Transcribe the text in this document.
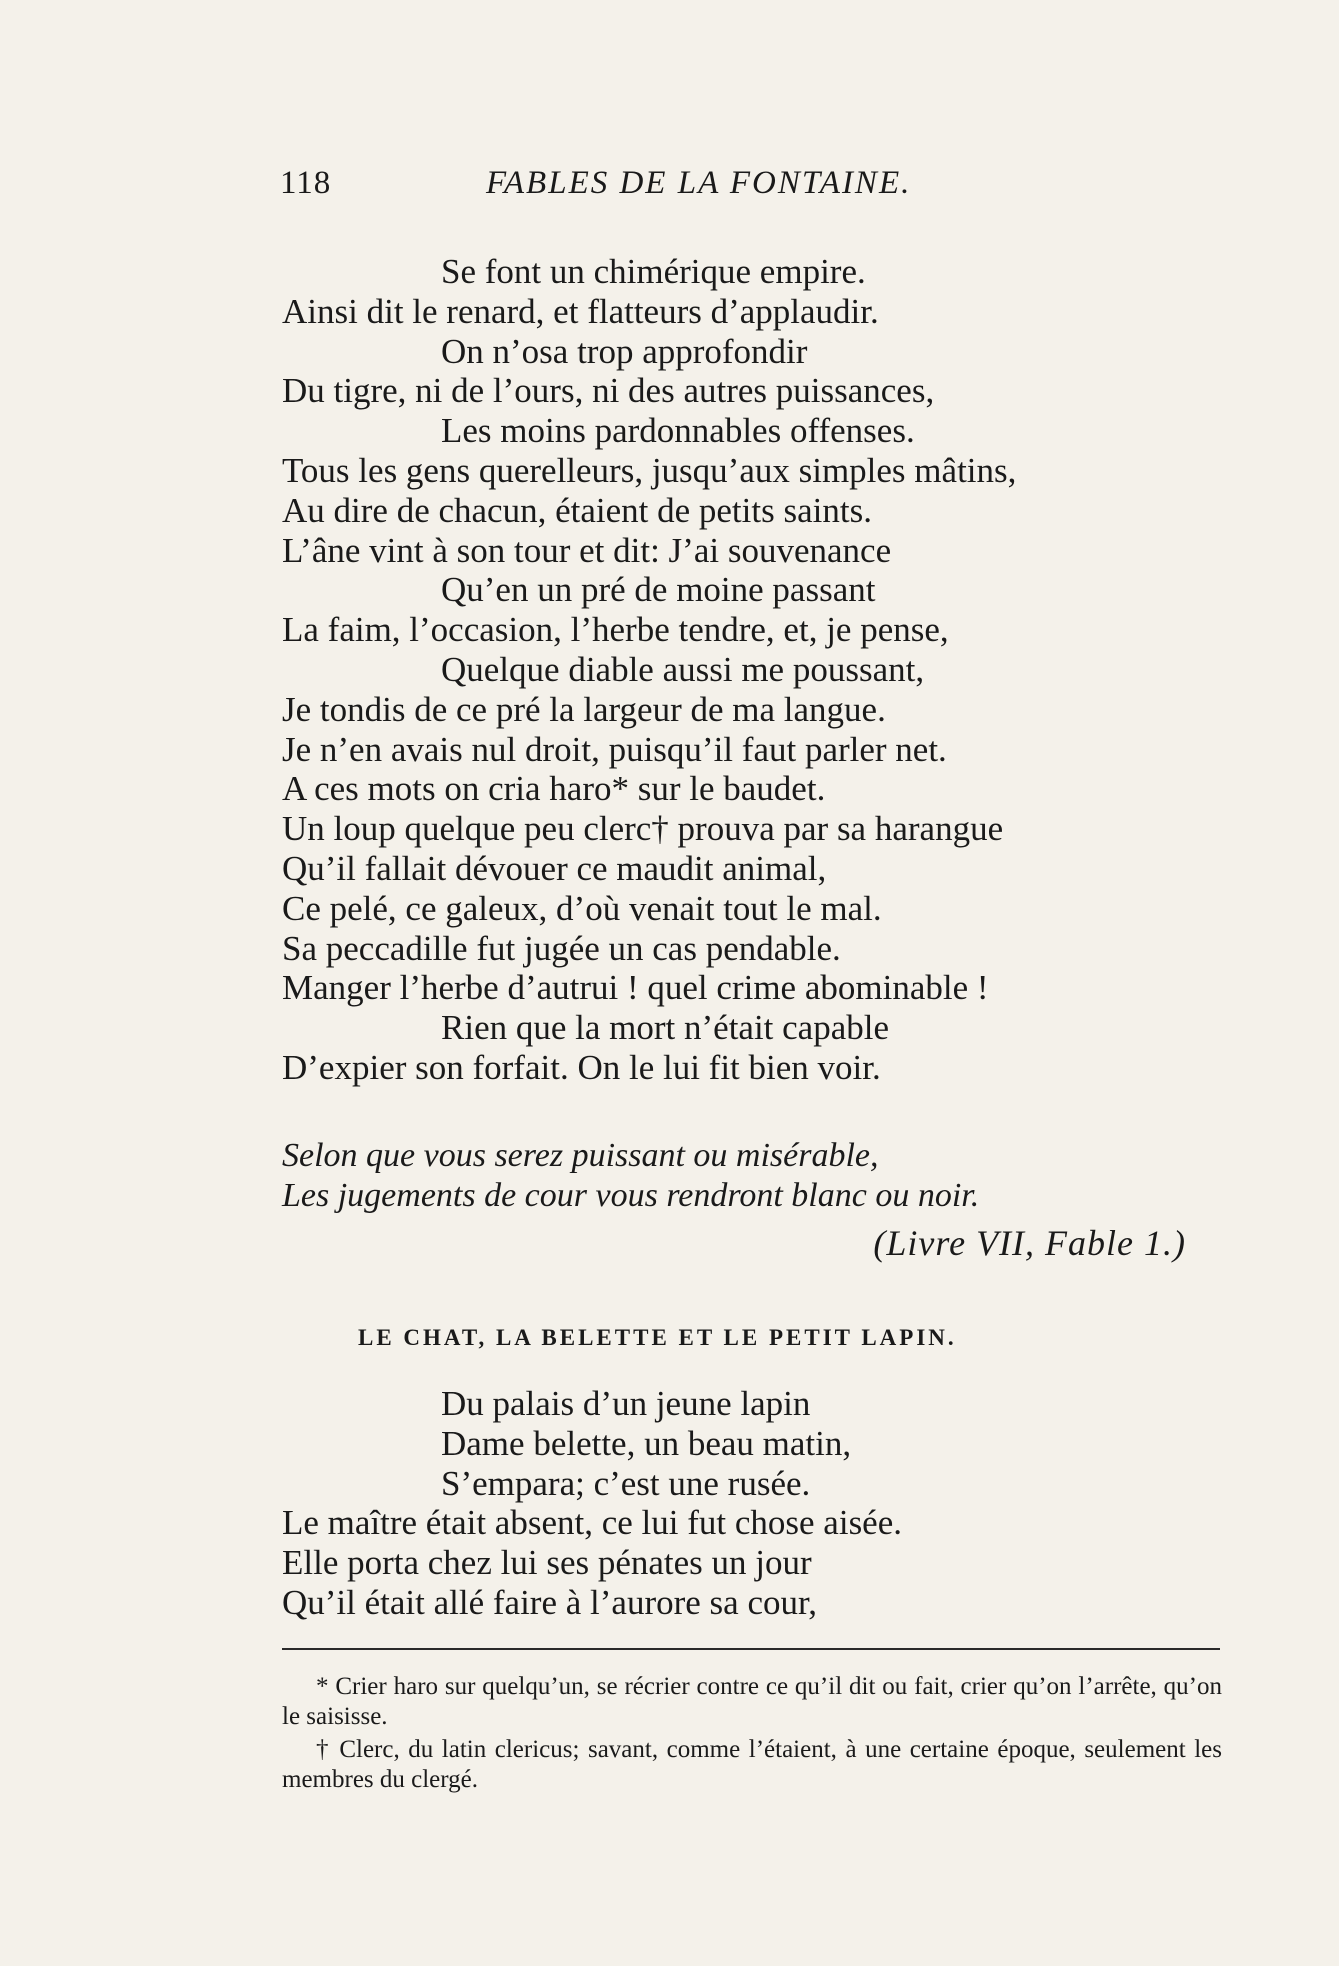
118	FABLES DE LA FONTAINE.
Se font un chimérique empire.
Ainsi dit le renard, et flatteurs d’applaudir.
On n’osa trop approfondir
Du tigre, ni de l’ours, ni des autres puissances,
Les moins pardonnables offenses.
Tous les gens querelleurs, jusqu’aux simples mâtins,
Au dire de chacun, étaient de petits saints.
L’âne vint à son tour et dit: J’ai souvenance
Qu’en un pré de moine passant
La faim, l’occasion, l’herbe tendre, et, je pense,
Quelque diable aussi me poussant,
Je tondis de ce pré la largeur de ma langue.
Je n’en avais nul droit, puisqu’il faut parler net.
A ces mots on cria haro* sur le baudet.
Un loup quelque peu clerc† prouva par sa harangue
Qu’il fallait dévouer ce maudit animal,
Ce pelé, ce galeux, d’où venait tout le mal.
Sa peccadille fut jugée un cas pendable.
Manger l’herbe d’autrui ! quel crime abominable !
Rien que la mort n’était capable
D’expier son forfait. On le lui fit bien voir.
Selon que vous serez puissant ou misérable,
Les jugements de cour vous rendront blanc ou noir.
(Livre VII, Fable 1.)
LE CHAT, LA BELETTE ET LE PETIT LAPIN.
Du palais d’un jeune lapin
Dame belette, un beau matin,
S’empara; c’est une rusée.
Le maître était absent, ce lui fut chose aisée.
Elle porta chez lui ses pénates un jour
Qu’il était allé faire à l’aurore sa cour,

* Crier haro sur quelqu’un, se récrier contre ce qu’il dit ou fait, crier qu’on l’arrête, qu’on le saisisse.

† Clerc, du latin clericus; savant, comme l’étaient, à une certaine époque, seulement les membres du clergé.
